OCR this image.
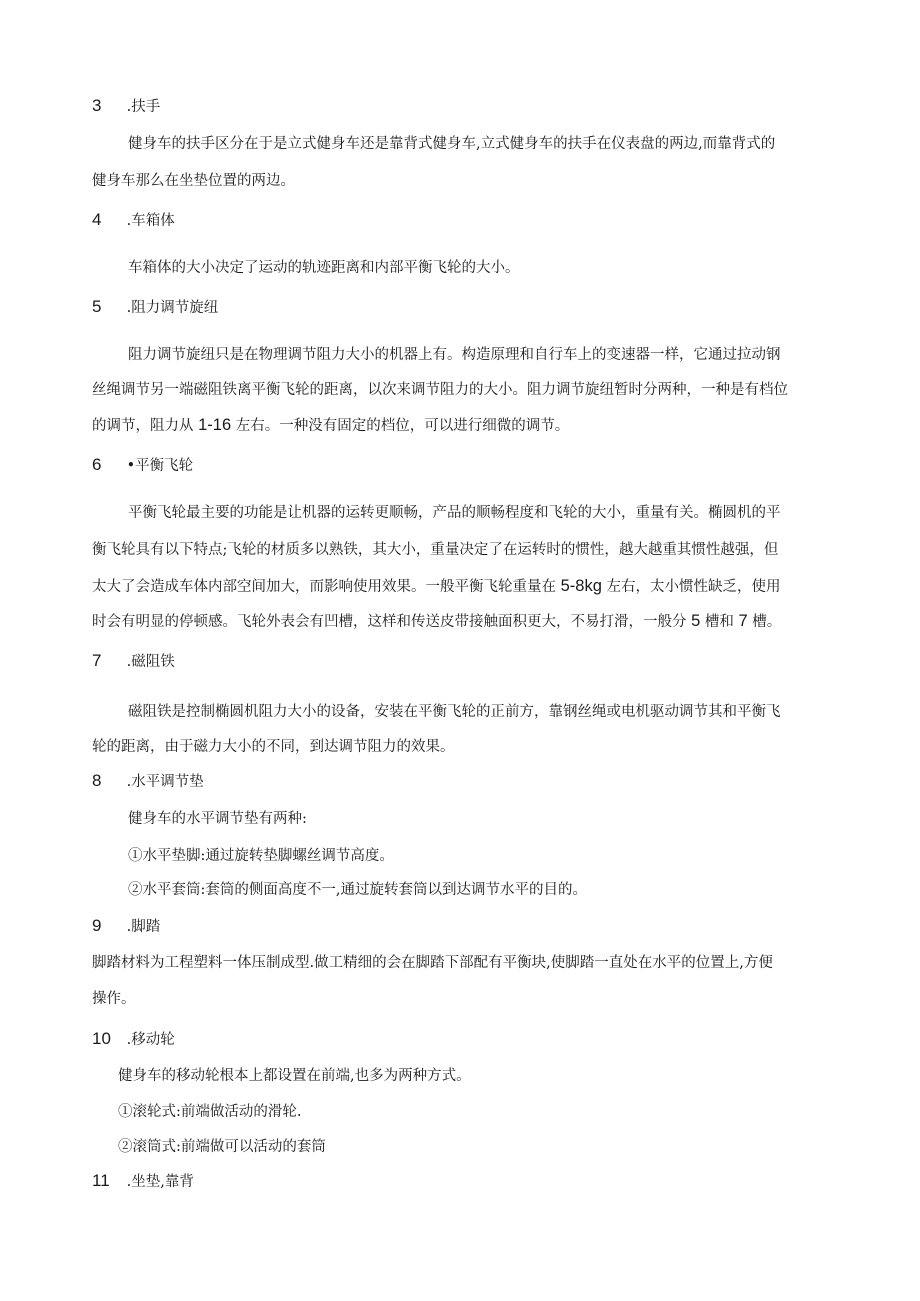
3 .扶手
健身车的扶手区分在于是立式健身车还是靠背式健身车,立式健身车的扶手在仪表盘的两边,而靠背式的
健身车那么在坐垫位置的两边。
4 .车箱体
车箱体的大小决定了运动的轨迹距离和内部平衡飞轮的大小。
5 .阻力调节旋纽
阻力调节旋纽只是在物理调节阻力大小的机器上有。构造原理和自行车上的变速器一样，它通过拉动钢
丝绳调节另一端磁阻铁离平衡飞轮的距离，以次来调节阻力的大小。阻力调节旋纽暂时分两种，一种是有档位
的调节，阻力从 1-16 左右。一种没有固定的档位，可以进行细微的调节。
6 •平衡飞轮
平衡飞轮最主要的功能是让机器的运转更顺畅，产品的顺畅程度和飞轮的大小，重量有关。椭圆机的平
衡飞轮具有以下特点;飞轮的材质多以熟铁，其大小，重量决定了在运转时的惯性，越大越重其惯性越强，但
太大了会造成车体内部空间加大，而影响使用效果。一般平衡飞轮重量在 5-8kg 左右，太小惯性缺乏，使用
时会有明显的停顿感。飞轮外表会有凹槽，这样和传送皮带接触面积更大，不易打滑，一般分 5 槽和 7 槽。
7 .磁阻铁
磁阻铁是控制椭圆机阻力大小的设备，安装在平衡飞轮的正前方，靠钢丝绳或电机驱动调节其和平衡飞
轮的距离，由于磁力大小的不同，到达调节阻力的效果。
8 .水平调节垫
健身车的水平调节垫有两种:
①水平垫脚:通过旋转垫脚螺丝调节高度。
②水平套筒:套筒的侧面高度不一,通过旋转套筒以到达调节水平的目的。
9 .脚踏
脚踏材料为工程塑料一体压制成型.做工精细的会在脚踏下部配有平衡块,使脚踏一直处在水平的位置上,方便
操作。
10 .移动轮
健身车的移动轮根本上都设置在前端,也多为两种方式。
①滚轮式:前端做活动的滑轮.
②滚筒式:前端做可以活动的套筒
11 .坐垫,靠背
